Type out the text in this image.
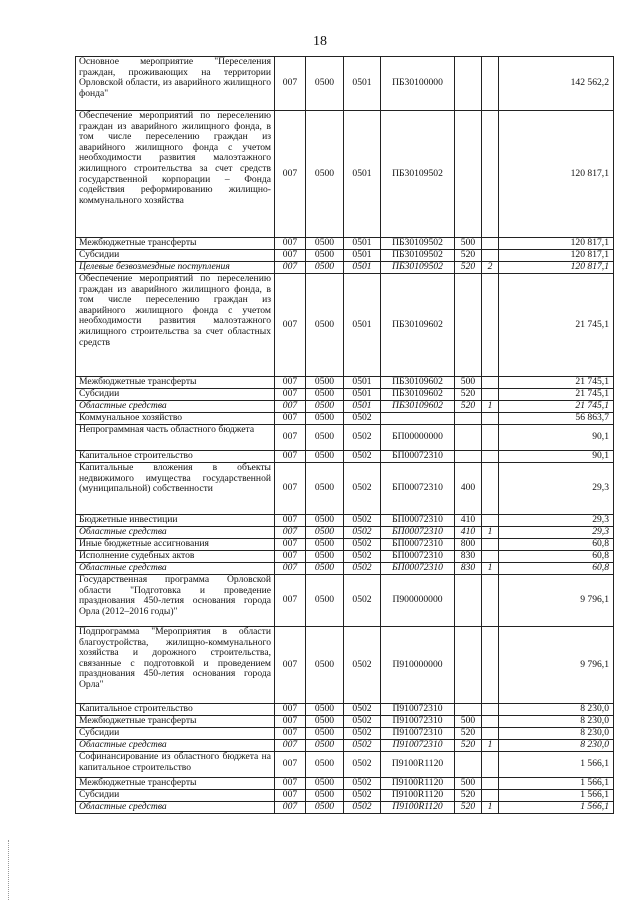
18
Основное мероприятие "Переселения граждан, проживающих на территории Орловской области, из аварийного жилищного фонда"	007	0500	0501	ПБ30100000			142 562,2
Обеспечение мероприятий по переселению граждан из аварийного жилищного фонда, в том числе переселению граждан из аварийного жилищного фонда с учетом необходимости развития малоэтажного жилищного строительства за счет средств государственной корпорации – Фонда содействия реформированию жилищно-коммунального хозяйства	007	0500	0501	ПБ30109502			120 817,1
Межбюджетные трансферты	007	0500	0501	ПБ30109502	500		120 817,1
Субсидии	007	0500	0501	ПБ30109502	520		120 817,1
Целевые безвозмездные поступления	007	0500	0501	ПБ30109502	520	2	120 817,1
Обеспечение мероприятий по переселению граждан из аварийного жилищного фонда, в том числе переселению граждан из аварийного жилищного фонда с учетом необходимости развития малоэтажного жилищного строительства за счет областных средств	007	0500	0501	ПБ30109602			21 745,1
Межбюджетные трансферты	007	0500	0501	ПБ30109602	500		21 745,1
Субсидии	007	0500	0501	ПБ30109602	520		21 745,1
Областные средства	007	0500	0501	ПБ30109602	520	1	21 745,1
Коммунальное хозяйство	007	0500	0502				56 863,7
Непрограммная часть областного бюджета	007	0500	0502	БП00000000			90,1
Капитальное строительство	007	0500	0502	БП00072310			90,1
Капитальные вложения в объекты недвижимого имущества государственной (муниципальной) собственности	007	0500	0502	БП00072310	400		29,3
Бюджетные инвестиции	007	0500	0502	БП00072310	410		29,3
Областные средства	007	0500	0502	БП00072310	410	1	29,3
Иные бюджетные ассигнования	007	0500	0502	БП00072310	800		60,8
Исполнение судебных актов	007	0500	0502	БП00072310	830		60,8
Областные средства	007	0500	0502	БП00072310	830	1	60,8
Государственная программа Орловской области "Подготовка и проведение празднования 450-летия основания города Орла (2012–2016 годы)"	007	0500	0502	П900000000			9 796,1
Подпрограмма "Мероприятия в области благоустройства, жилищно-коммунального хозяйства и дорожного строительства, связанные с подготовкой и проведением празднования 450-летия основания города Орла"	007	0500	0502	П910000000			9 796,1
Капитальное строительство	007	0500	0502	П910072310			8 230,0
Межбюджетные трансферты	007	0500	0502	П910072310	500		8 230,0
Субсидии	007	0500	0502	П910072310	520		8 230,0
Областные средства	007	0500	0502	П910072310	520	1	8 230,0
Софинансирование из областного бюджета на капитальное строительство	007	0500	0502	П9100R1120			1 566,1
Межбюджетные трансферты	007	0500	0502	П9100R1120	500		1 566,1
Субсидии	007	0500	0502	П9100R1120	520		1 566,1
Областные средства	007	0500	0502	П9100R1120	520	1	1 566,1
